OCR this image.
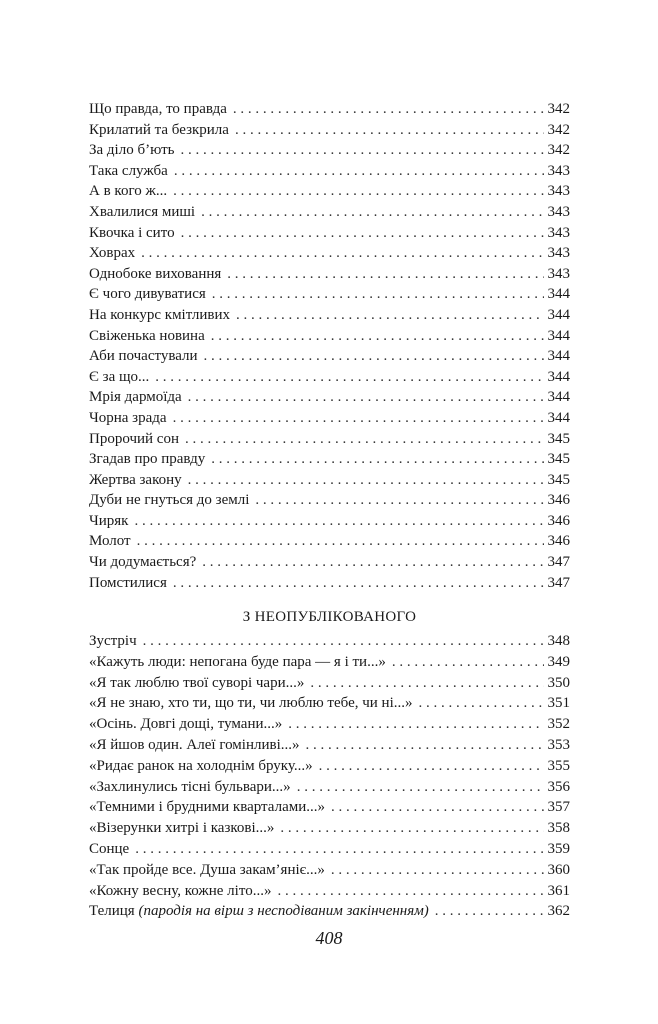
Що правда, то правда . . .	342
Крилатий та безкрила . . .	342
За діло б’ють . . .	342
Така служба . . .	343
А в кого ж... . . .	343
Хвалилися миші . . .	343
Квочка і сито . . .	343
Ховрах . . .	343
Однобоке виховання . . .	343
Є чого дивуватися . . .	344
На конкурс кмітливих . . .	344
Свіженька новина . . .	344
Аби почастували . . .	344
Є за що... . . .	344
Мрія дармоїда . . .	344
Чорна зрада . . .	344
Пророчий сон . . .	345
Згадав про правду . . .	345
Жертва закону . . .	345
Дуби не гнуться до землі . . .	346
Чиряк . . .	346
Молот . . .	346
Чи додумається? . . .	347
Помстилися . . .	347
З НЕОПУБЛІКОВАНОГО
Зустріч . . .	348
«Кажуть люди: непогана буде пара — я і ти...» . . .	349
«Я так люблю твої суворі чари...» . . .	350
«Я не знаю, хто ти, що ти, чи люблю тебе, чи ні...» . . .	351
«Осінь. Довгі дощі, тумани...» . . .	352
«Я йшов один. Алеї гомінливі...» . . .	353
«Ридає ранок на холоднім бруку...» . . .	355
«Захлинулись тісні бульвари...» . . .	356
«Темними і брудними кварталами...» . . .	357
«Візерунки хитрі і казкові...» . . .	358
Сонце . . .	359
«Так пройде все. Душа закам’яніє...» . . .	360
«Кожну весну, кожне літо...» . . .	361
Телиця (пародія на вірш з несподіваним закінченням) . . .	362
408
